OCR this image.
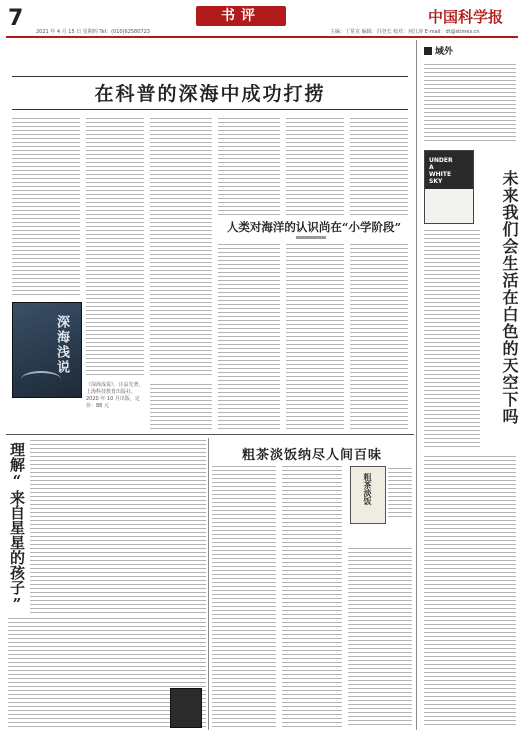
7	书评	中国科学报
2021 年 4 月 15 日 星期四 Tel：(010)62580723	主编：丁常克 编辑：冯登长 校对：何江涛 E-mail：dt@stimes.cn
在科普的深海中成功打捞
深海浅说
《深海浅说》，汪品先著，上海科技教育出版社，2020 年 10 月出版，定价：88 元
人类对海洋的认识尚在“小学阶段”
域外
UNDER
A
WHITE
SKY	未来我们会生活在白色的天空下吗
理解“来自星星的孩子”	粗茶淡饭纳尽人间百味
粗茶淡饭
